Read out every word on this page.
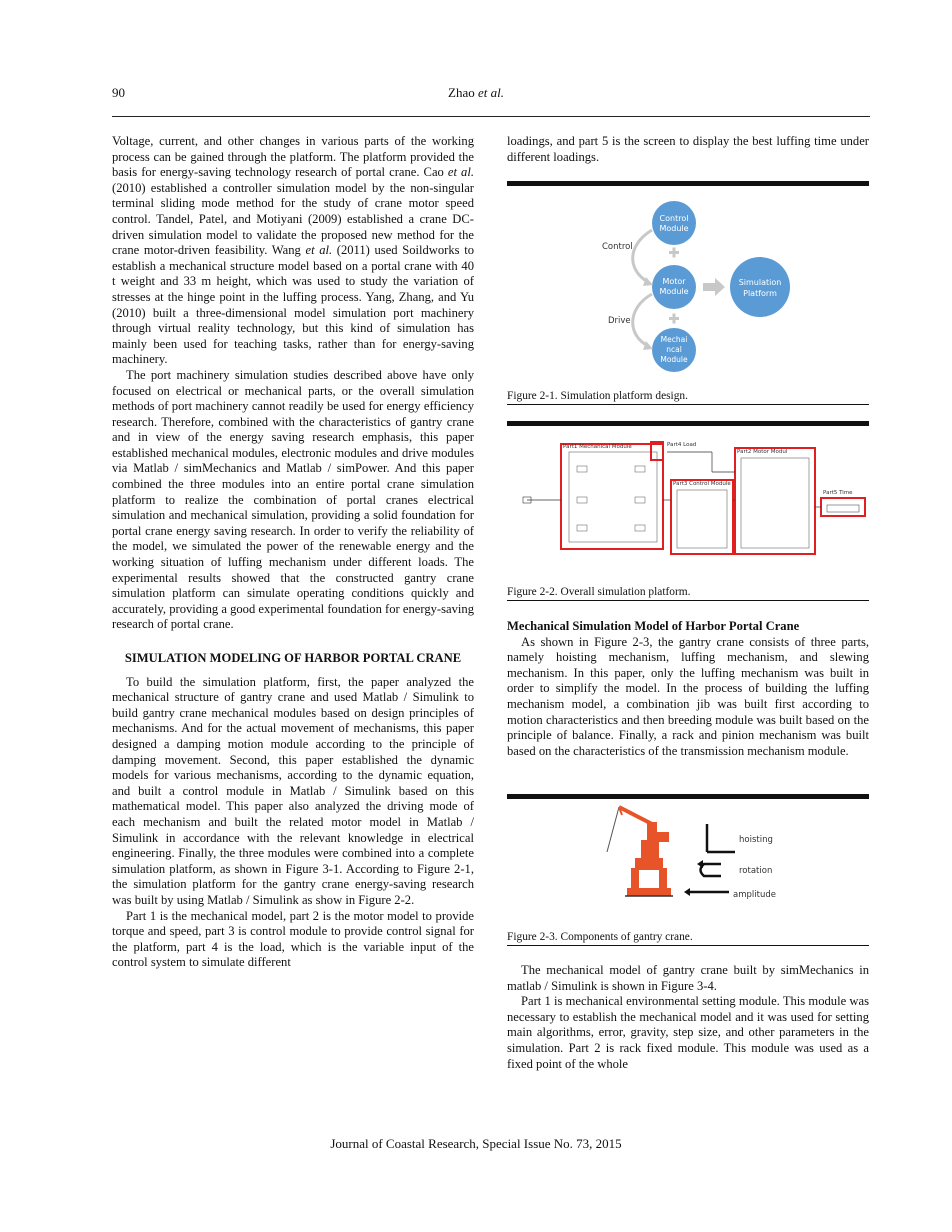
90	Zhao et al.

Voltage, current, and other changes in various parts of the working process can be gained through the platform. The platform provided the basis for energy-saving technology research of portal crane. Cao et al. (2010) established a controller simulation model by the non-singular terminal sliding mode method for the study of crane motor speed control. Tandel, Patel, and Motiyani (2009) established a crane DC-driven simulation model to validate the proposed new method for the crane motor-driven feasibility. Wang et al. (2011) used Soildworks to establish a mechanical structure model based on a portal crane with 40 t weight and 33 m height, which was used to study the variation of stresses at the hinge point in the luffing process. Yang, Zhang, and Yu (2010) built a three-dimensional model simulation port machinery through virtual reality technology, but this kind of simulation has mainly been used for teaching tasks, rather than for energy-saving machinery.

The port machinery simulation studies described above have only focused on electrical or mechanical parts, or the overall simulation methods of port machinery cannot readily be used for energy efficiency research. Therefore, combined with the characteristics of gantry crane and in view of the energy saving research emphasis, this paper established mechanical modules, electronic modules and drive modules via Matlab / simMechanics and Matlab / simPower. And this paper combined the three modules into an entire portal crane simulation platform to realize the combination of portal cranes electrical simulation and mechanical simulation, providing a solid foundation for portal crane energy saving research. In order to verify the reliability of the model, we simulated the power of the renewable energy and the working situation of luffing mechanism under different loads. The experimental results showed that the constructed gantry crane simulation platform can simulate operating conditions quickly and accurately, providing a good experimental foundation for energy-saving research of portal crane.

SIMULATION MODELING OF HARBOR PORTAL CRANE

To build the simulation platform, first, the paper analyzed the mechanical structure of gantry crane and used Matlab / Simulink to build gantry crane mechanical modules based on design principles of mechanisms. And for the actual movement of mechanisms, this paper designed a damping motion module according to the principle of damping movement. Second, this paper established the dynamic models for various mechanisms, according to the dynamic equation, and built a control module in Matlab / Simulink based on this mathematical model. This paper also analyzed the driving mode of each mechanism and built the related motor model in Matlab / Simulink in accordance with the relevant knowledge in electrical engineering. Finally, the three modules were combined into a complete simulation platform, as shown in Figure 3-1. According to Figure 2-1, the simulation platform for the gantry crane energy-saving research was built by using Matlab / Simulink as show in Figure 2-2.

Part 1 is the mechanical model, part 2 is the motor model to provide torque and speed, part 3 is control module to provide control signal for the platform, part 4 is the load, which is the variable input of the control system to simulate different

loadings, and part 5 is the screen to display the best luffing time under different loadings.

Control
Module
Motor
Module
Mechai
ncal
Module
Simulation
Platform
Control
Drive
Figure 2-1. Simulation platform design.
Part1 Mechanical Module	Part4 Load
Part3 Control Module
Part2 Motor Modul
Part5 Time
Figure 2-2. Overall simulation platform.

Mechanical Simulation Model of Harbor Portal Crane

As shown in Figure 2-3, the gantry crane consists of three parts, namely hoisting mechanism, luffing mechanism, and slewing mechanism. In this paper, only the luffing mechanism was built in order to simplify the model. In the process of building the luffing mechanism model, a combination jib was built first according to motion characteristics and then breeding module was built based on the principle of balance. Finally, a rack and pinion mechanism was built based on the characteristics of the transmission mechanism module.

hoisting
rotation
amplitude
Figure 2-3. Components of gantry crane.

The mechanical model of gantry crane built by simMechanics in matlab / Simulink is shown in Figure 3-4.

Part 1 is mechanical environmental setting module. This module was necessary to establish the mechanical model and it was used for setting main algorithms, error, gravity, step size, and other parameters in the simulation. Part 2 is rack fixed module. This module was used as a fixed point of the whole

Journal of Coastal Research, Special Issue No. 73, 2015
